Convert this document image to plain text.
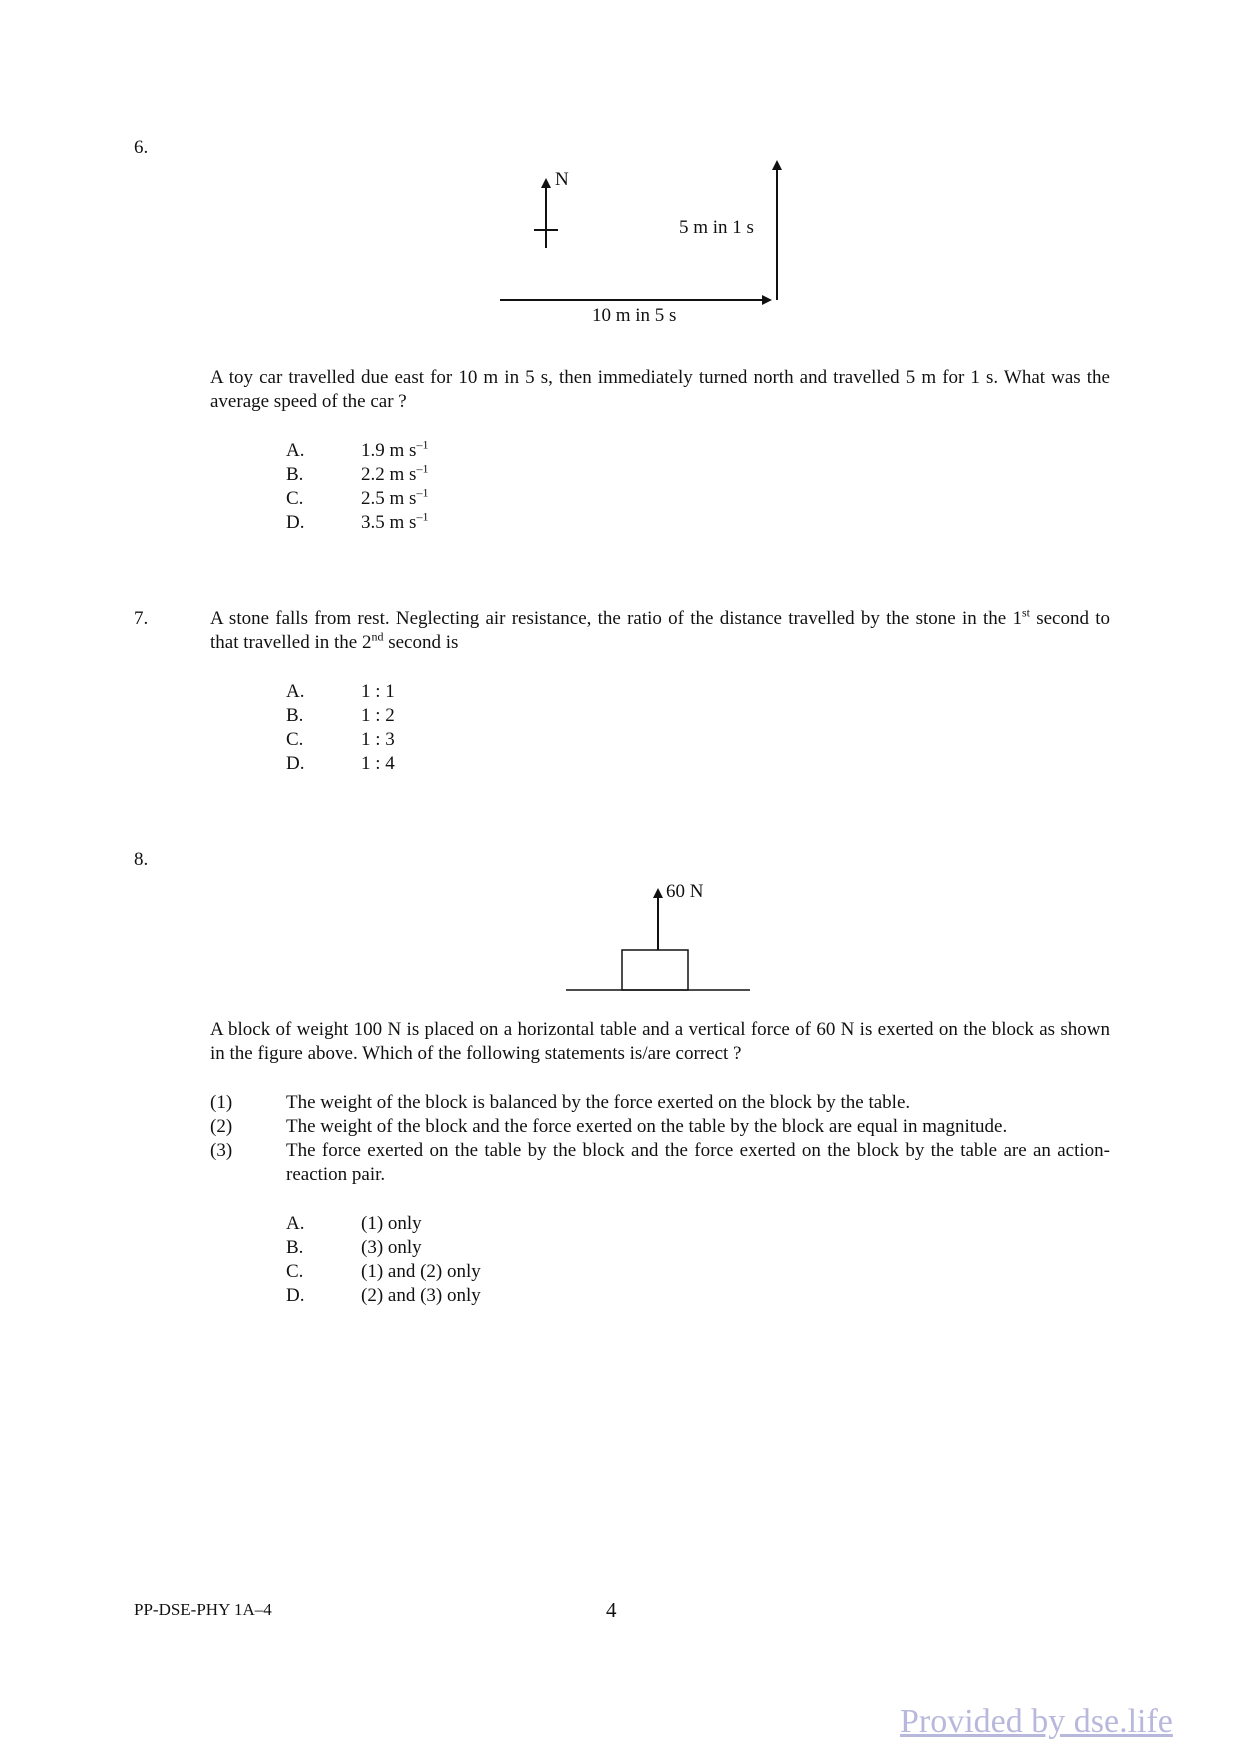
6.
N
5 m in 1 s
10 m in 5 s
A toy car travelled due east for 10 m in 5 s, then immediately turned north and travelled 5 m for 1 s. What was the average speed of the car ?
A.	1.9 m $s^{-1}$
B.	2.2 m $s^{-1}$
C.	2.5 m $s^{-1}$
D.	3.5 m $s^{-1}$
7.	A stone falls from rest. Neglecting air resistance, the ratio of the distance travelled by the stone in the 1st second to that travelled in the 2nd second is
A.	1 : 1
B.	1 : 2
C.	1 : 3
D.	1 : 4
8.
60 N
A block of weight 100 N is placed on a horizontal table and a vertical force of 60 N is exerted on the block as shown in the figure above. Which of the following statements is/are correct ?
(1)	The weight of the block is balanced by the force exerted on the block by the table.
(2)	The weight of the block and the force exerted on the table by the block are equal in magnitude.
(3)	The force exerted on the table by the block and the force exerted on the block by the table are an action-reaction pair.
A.	(1) only
B.	(3) only
C.	(1) and (2) only
D.	(2) and (3) only
PP-DSE-PHY 1A–4	4
Provided by dse.life
